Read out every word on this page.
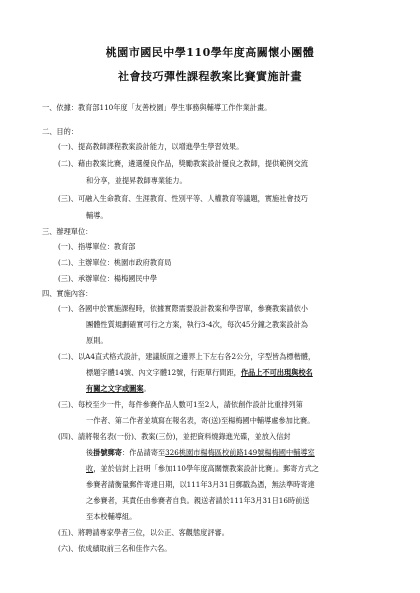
桃園市國民中學110學年度高關懷小團體
社會技巧彈性課程教案比賽實施計畫
一、依據：教育部110年度「友善校園」學生事務與輔導工作作業計畫。
二、目的：
(一)、提高教師課程教案設計能力，以增進學生學習效果。
(二)、藉由教案比賽，遴選優良作品，獎勵教案設計優良之教師，提供範例交流
和分享，並提昇教師專業能力。
(三)、可融入生命教育、生涯教育、性別平等、人權教育等議題，實施社會技巧
輔導。
三、辦理單位：
(一)、指導單位：教育部
(二)、主辦單位：桃園市政府教育局
(三)、承辦單位：楊梅國民中學
四、實施內容：
(一)、各國中於實施課程時，依據實際需要設計教案和學習單，參賽教案請依小
團體性質規劃確實可行之方案，執行3-4次，每次45分鐘之教案設計為
原則。
(二)、以A4直式格式設計，建議版面之邊界上下左右各2公分，字型皆為標楷體，
標題字體14號、內文字體12號，行距單行間距，作品上不可出現與校名
有關之文字或圖案。
(三)、每校至少一件，每件參賽作品人數可1至2人，請依創作設計比重排列第
一作者、第二作者並填寫在報名表，寄(送)至楊梅國中輔導處參加比賽。
(四)、請將報名表(一份)、教案(三份)，並把資料燒錄進光碟，並放入信封
後掛號郵寄：作品請寄至326桃園市楊梅區校前路149號楊梅國中輔導室
收，並於信封上註明「參加110學年度高關懷教案設計比賽」。郵寄方式之
參賽者請衡量郵件寄達日期，以111年3月31日郵戳為憑，無法準時寄達
之參賽者，其責任由參賽者自負。親送者請於111年3月31日16時前送
至本校輔導組。
(五)、將聘請專家學者三位，以公正、客觀態度評審。
(六)、依成績取前三名和佳作六名。
